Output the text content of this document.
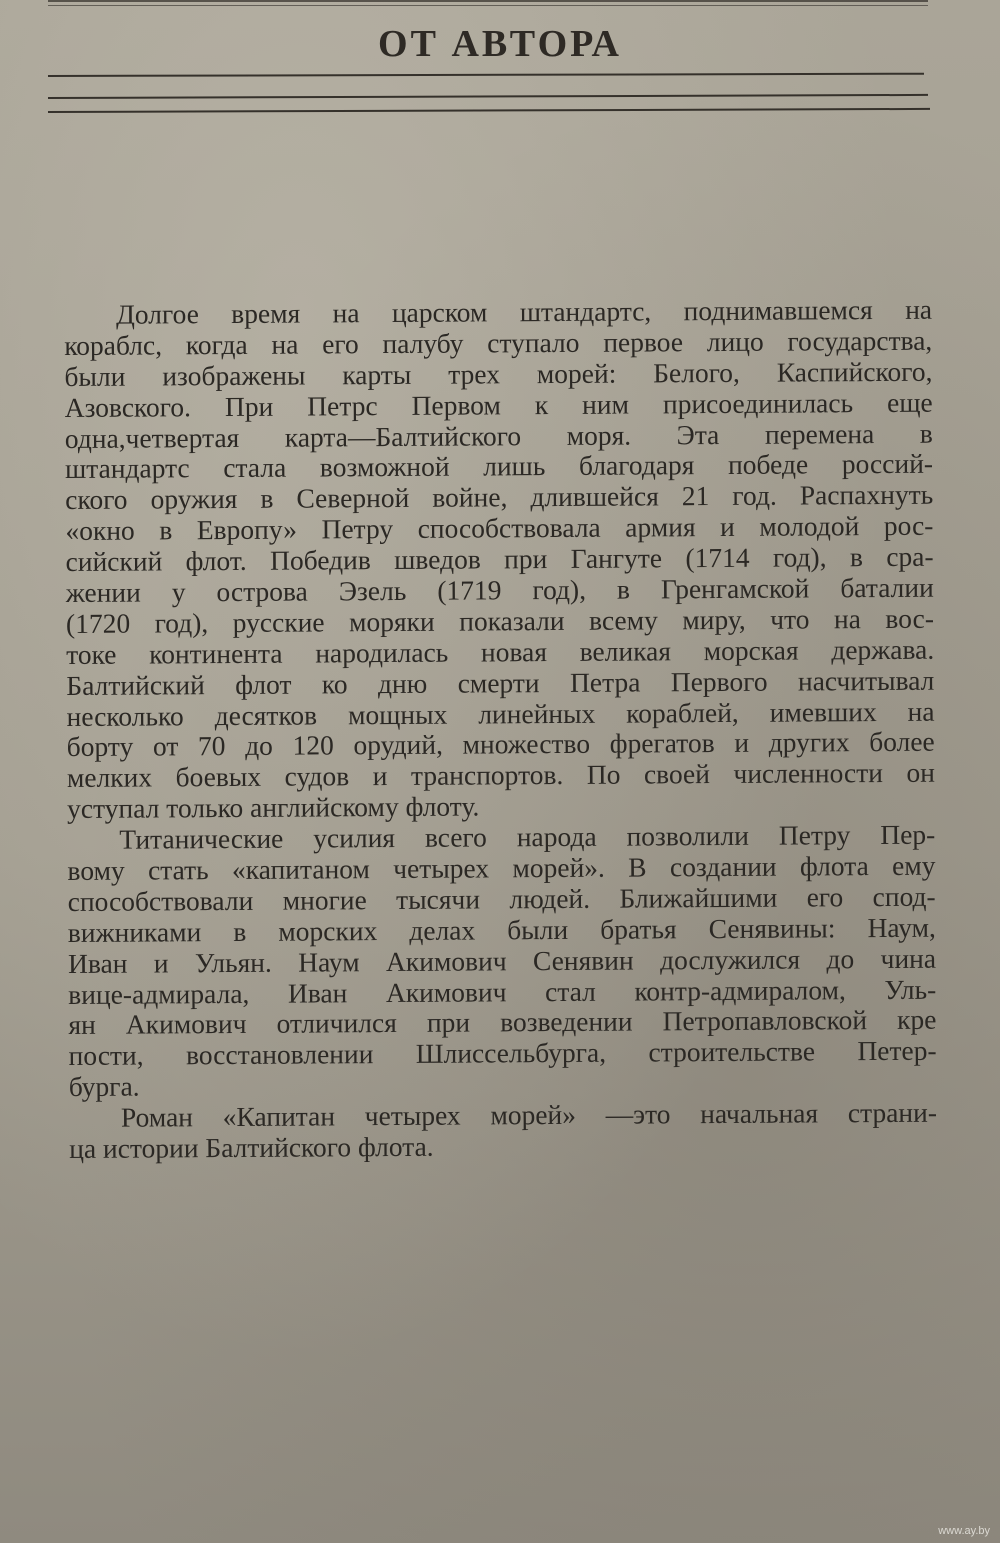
ОТ АВТОРА
Долгое время на царском штандартс, поднимавшемся на
кораблс, когда на его палубу ступало первое лицо государства,
были изображены карты трех морей: Белого, Каспийского,
Азовского. При Петрс Первом к ним присоединилась еще
одна,четвертая карта—Балтийского моря. Эта перемена в
штандартс стала возможной лишь благодаря победе россий-
ского оружия в Северной войне, длившейся 21 год. Распахнуть
«окно в Европу» Петру способствовала армия и молодой рос-
сийский флот. Победив шведов при Гангуте (1714 год), в сра-
жении у острова Эзель (1719 год), в Гренгамской баталии
(1720 год), русские моряки показали всему миру, что на вос-
токе континента народилась новая великая морская держава.
Балтийский флот ко дню смерти Петра Первого насчитывал
несколько десятков мощных линейных кораблей, имевших на
борту от 70 до 120 орудий, множество фрегатов и других более
мелких боевых судов и транспортов. По своей численности он
уступал только английскому флоту.
Титанические усилия всего народа позволили Петру Пер-
вому стать «капитаном четырех морей». В создании флота ему
способствовали многие тысячи людей. Ближайшими его спод-
вижниками в морских делах были братья Сенявины: Наум,
Иван и Ульян. Наум Акимович Сенявин дослужился до чина
вице-адмирала, Иван Акимович стал контр-адмиралом, Уль-
ян Акимович отличился при возведении Петропавловской кре
пости, восстановлении Шлиссельбурга, строительстве Петер-
бурга.
Роман «Капитан четырех морей» —это начальная страни-
ца истории Балтийского флота.
www.ay.by
